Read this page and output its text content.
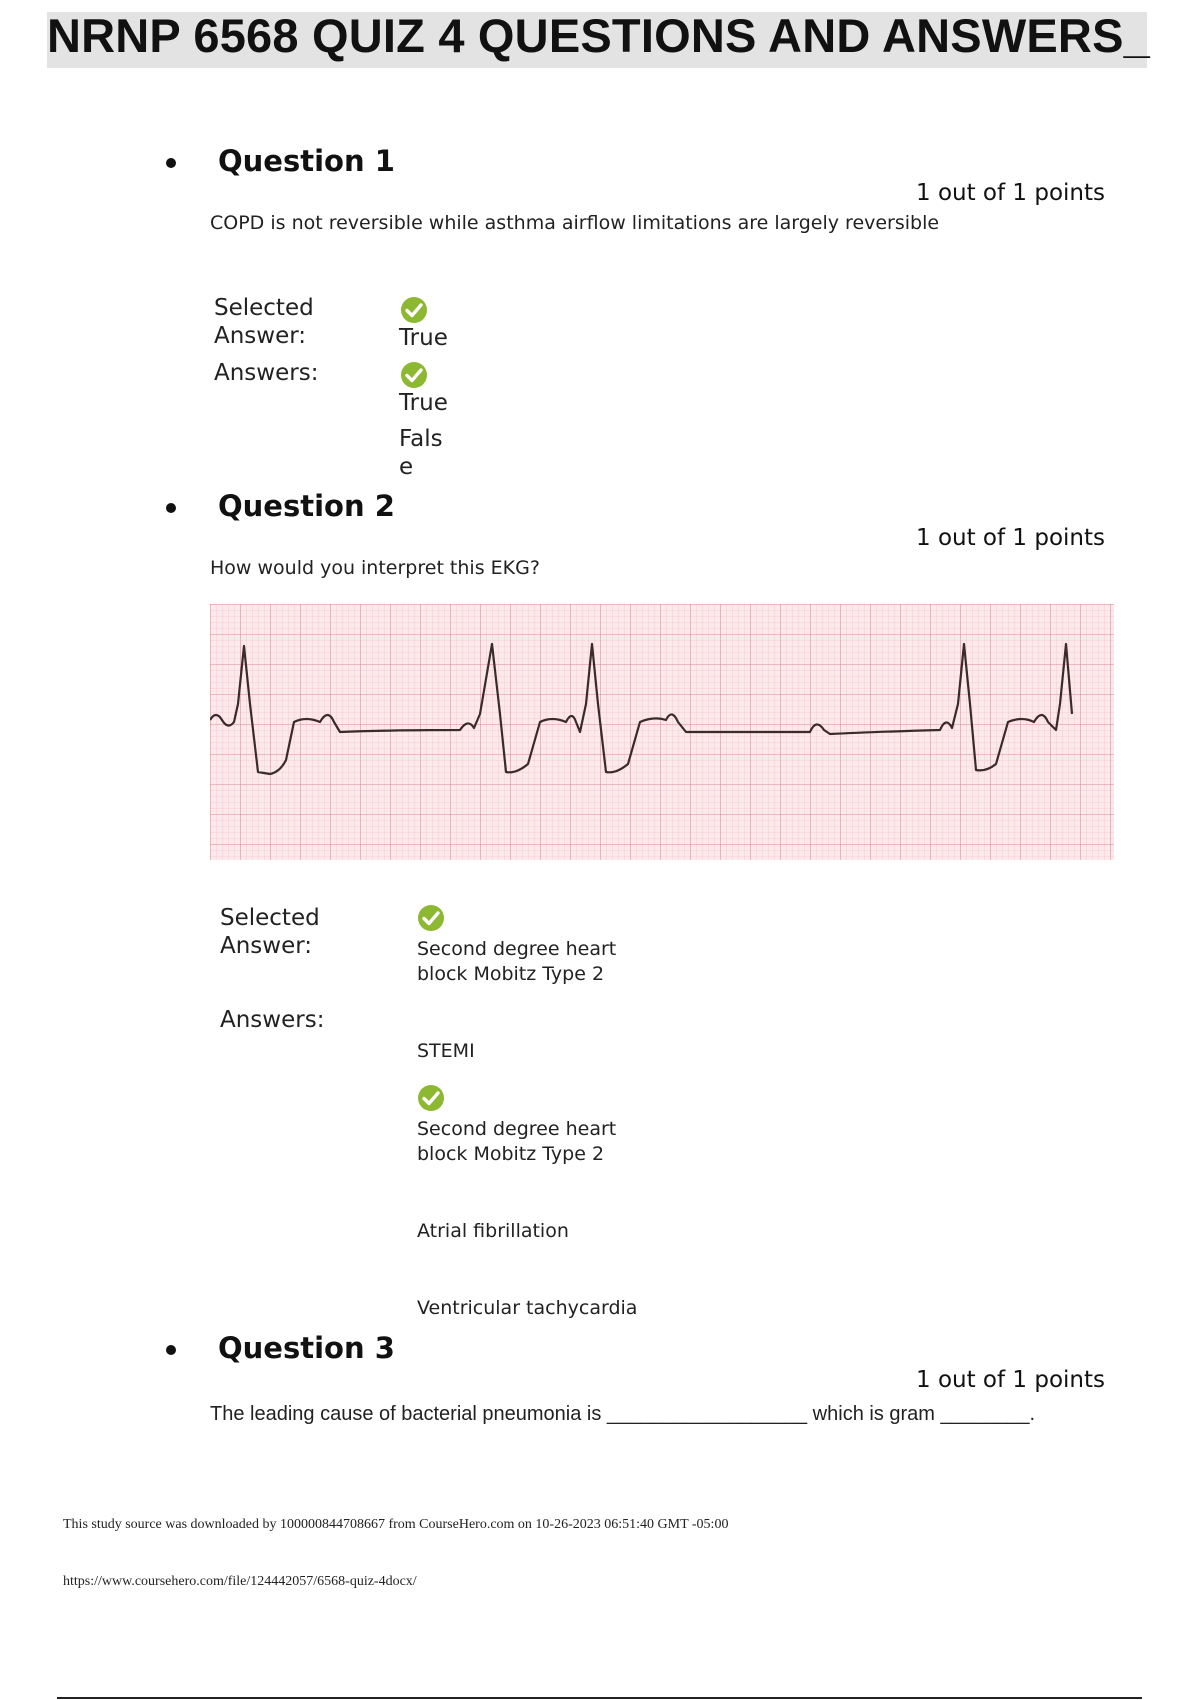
NRNP 6568 QUIZ 4 QUESTIONS AND ANSWERS_
Question 1
1 out of 1 points
COPD is not reversible while asthma airflow limitations are largely reversible
Selected Answer:	True
Answers:
True
Fals
e
Question 2
1 out of 1 points
How would you interpret this EKG?
Selected Answer:	Second degree heart
block Mobitz Type 2
Answers:
STEMI
Second degree heart
block Mobitz Type 2
Atrial fibrillation
Ventricular tachycardia
Question 3
1 out of 1 points
The leading cause of bacterial pneumonia is __________________ which is gram ________.
This study source was downloaded by 100000844708667 from CourseHero.com on 10-26-2023 06:51:40 GMT -05:00
https://www.coursehero.com/file/124442057/6568-quiz-4docx/
